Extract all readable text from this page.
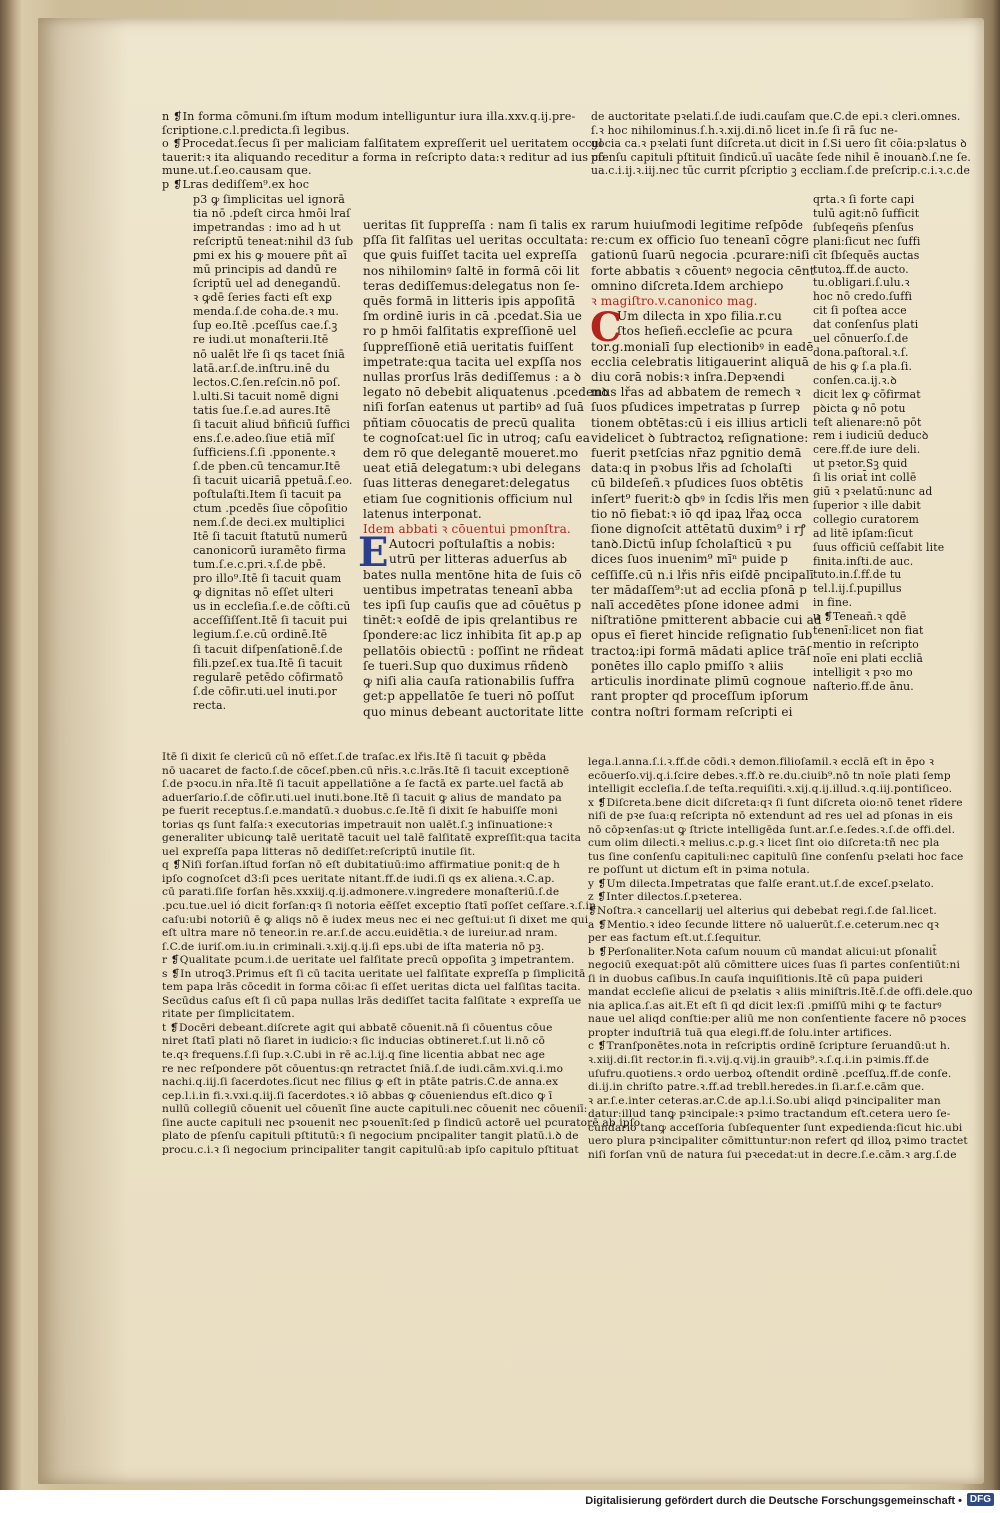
n ❡In forma cōmuni.ſm iſtum modum intelliguntur iura illa.xxv.q.ij.pre-
ſcriptione.c.l.predicta.ſi legibus.
o ❡Procedat.ſecus ſi per maliciam falſitatem expreſſerit uel ueritatem occul
tauerit:ꝛ ita aliquando receditur a forma in reſcripto data:ꝛ reditur ad ius cō
mune.ut.ſ.eo.causam que.
p ❡Lras dediſſem⁹.ex hoc
p3 ꝙ ſimplicitas uel ignorā
tia nō .pdeſt circa hmōi lraſ
impetrandas : imo ad h ut
reſcriptū teneat:nihil d3 ſub
ꝑmi ex his ꝙ mouere pñt aī
mū principis ad dandū re
ſcriptū uel ad denegandū.
ꝛ ꝙdē ſeries facti eſt exꝑ
menda.ſ.de coha.de.ꝛ mu.
ſup eo.Itē .pceſſus cae.ſ.ꝫ
re iudi.ut monaſterii.Itē
nō ualēt lře ſi qs tacet ſniā
latā.ar.ſ.de.inſtru.inē du
lectos.C.ſen.reſcin.nō poſ.
l.ulti.Si tacuit nomē digni
tatis ſue.ſ.e.ad aures.Itē
ſi tacuit aliud bñficiū ſuffici
ens.ſ.e.adeo.ſiue etiā mīſ
ſufficiens.ſ.ſi .pponente.ꝛ
ſ.de pben.cū tencamur.Itē
ſi tacuit uicariā ppetuā.ſ.eo.
poſtulaſti.Item ſi tacuit pa
ctum .pcedēs ſiue cōpoſitio
nem.ſ.de deci.ex multiplici
Itē ſi tacuit ſtatutū numerū
canonicorū iuramēto firma
tum.ſ.e.c.pri.ꝛ.ſ.de pbē.
pro illo⁹.Itē ſi tacuit quam
ꝙ dignitas nō eſſet ulteri
us in eccleſia.ſ.e.de cōſti.cū
acceſſiſſent.Itē ſi tacuit pui
legium.ſ.e.cū ordinē.Itē
ſi tacuit diſpenſationē.ſ.de
fili.pzeſ.ex tua.Itē ſi tacuit
regularē petēdo cōfirmatō
ſ.de cōfir.uti.uel inuti.por
recta.
ueritas ſit ſuppreſſa : nam ſi talis ex
pſſa ſit falſitas uel ueritas occultata:
que ꝙuis fuiſſet tacita uel expreſſa
nos nihilominꝰ ſaltē in formā cōi lit
teras dediſſemus:delegatus non ſe-
quēs formā in litteris ipis appoſitā
ſm ordinē iuris in cā .pcedat.Sia ue
ro p hmōi falſitatis expreſſionē uel
ſuppreſſionē etiā ueritatis fuiſſent
impetrate:qua tacita uel expſſa nos
nullas prorſus lrās dediſſemus : a ꝺ
legato nō debebit aliquatenus .pcedenꝺ
niſi forſan eatenus ut partibꝰ ad ſuā
pñtiam cōuocatis de precū qualita
te cognoſcat:uel ſic in utroq; caſu ea
dem rō que delegantē moueret.mo
ueat etiā delegatum:ꝛ ubi delegans
ſuas litteras denegaret:delegatus
etiam ſue cognitionis officium nul
latenus interponat.
Idem abbati ꝛ cōuentui pmonſtra.
Autocri poſtulaſtis a nobis:
utrū per litteras aduerſus ab
bates nulla mentōne hita de ſuis cō
uentibus impetratas teneanī abba
tes ipſi ſup cauſis que ad cōuētus p
tinēt:ꝛ eoſdē de ipis qrelantibus re
ſpondere:ac licz inhibita ſit ap.p ap
pellatōis obiectū : poſſint ne rñdeat
ſe tueri.Sup quo duximus rñdenꝺ
ꝙ niſi alia cauſa rationabilis ſuffra
get:p appellatōe ſe tueri nō poſſut
quo minus debeant auctoritate litte
E
de auctoritate pꝛelati.ſ.de iudi.cauſam que.C.de epi.ꝛ cleri.omnes.
ſ.ꝛ hoc nihilominus.ſ.h.ꝛ.xij.di.nō licet in.ſe ſi rā ſuc ne-
gocia ca.ꝛ pꝛelati ſunt diſcreta.ut dicit in ſ.Si uero ſit cōia:pꝛlatus ꝺ
pſenſu capituli pſtituit ſindicū.uī uacāte ſede nihil ē inouanꝺ.ſ.ne ſe.
ua.c.i.ij.ꝛ.iij.nec tūc currit pſcriptio ꝫ eccliam.ſ.de preſcrip.c.i.ꝛ.c.de
rarum huiuſmodi legitime reſpōde
re:cum ex officio ſuo teneanī cōgre
gationū ſuarū negocia .pcurare:niſi
forte abbatis ꝛ cōuentꝰ negocia cēnt
omnino diſcreta.Idem archiepo
ꝛ magiſtro.v.canonico mag.
Um dilecta in xpo filia.r.cu
ſtos heſieñ.eccleſie ac pcura
tor.g.monialī ſup electionibꝰ in eadē
ecclia celebratis litigauerint aliquā
diu corā nobis:ꝛ inſra.Depꝛendi
mus lřas ad abbatem de remech ꝛ
ſuos pſudices impetratas p ſurrep
tionem obtētas:cū i eis illius articli
videlicet ꝺ ſubtractoꝝ reſignatione:
fuerit pꝛetſcias nr̄az pgnitio demā
data:q in pꝛobus lřis ad ſcholaſti
cū bildeſeñ.ꝛ pſudices ſuos obtētis
inſert⁹ fuerit:ꝺ qbꝰ in ſcdis lřis men
tio nō fiebat:ꝛ iō qd ipaꝝ lřaꝝ occa
ſione dignoſcit attētatū duxim⁹ i rꝭ
tanꝺ.Dictū inſup ſcholaſticū ꝛ pu
dices ſuos inuenim⁹ mīⁿ puide p
ceſſiſſe.cū n.i lřis nr̄is eiſdē pncipalī
ter mādaſſem⁹:ut ad ecclia pſonā p
nalī accedētes pſone idonee admi
niſtratiōne pmitterent abbacie cui ad
opus eī fieret hincide reſignatio ſub
tractoꝝ:ipi formā mādati aplice trāſ
ponētes illo caplo pmiſſo ꝛ aliis
articulis inordinate plimū cognoue
rant propter qd proceſſum ipſorum
contra noſtri formam reſcripti ei
C
qrta.ꝛ ſi forte capi
tulū agit:nō ſufficit
ſubſeqeñs pſenſus
plani:ſicut nec ſuffi
cīt ſbſequēs auctas
tutoꝝ.ff.de aucto.
tu.obligari.ſ.ulu.ꝛ
hoc nō credo.ſuffi
cit ſi poſtea acce
dat conſenſus plati
uel cōnuerſo.ſ.de
dona.paſtoral.ꝛ.ſ.
de his ꝙ ſ.a pla.ſi.
conſen.ca.ij.ꝛ.ꝺ
dicit lex ꝙ cōfirmat
pꝺicta ꝙ nō potu
teſt alienare:nō pōt
rem i iudiciū deducꝺ
cere.ff.de iure deli.
ut pꝛetor.Sꝫ quid
ſi lis oriat̄ int collē
giū ꝛ pꝛelatū:nunc ad
ſuperior ꝛ ille dabit
collegio curatorem
ad litē ipſam:ſicut
ſuus officiū ceſſabit lite
finita.inſti.de auc.
tuto.in.ſ.ff.de tu
tel.l.ij.ſ.pupillus
in fine.
u ❡Tenean̄.ꝛ qdē
tenenī:licet non fiat
mentio in reſcripto
noīe eni plati eccliā
intelligit ꝛ pꝛo mo
naſterio.ff.de ānu.
Itē ſi dixit ſe clericū cū nō eſſet.ſ.de traſac.ex lřis.Itē ſi tacuit ꝙ pbēda
nō uacaret de facto.ſ.de cōceſ.pben.cū nr̄is.ꝛ.c.lrās.Itē ſi tacuit exceptionē
ſ.de pꝛocu.in nr̄a.Itē ſi tacuit appellatiōne a ſe factā ex parte.uel factā ab
aduerſario.ſ.de cōfir.uti.uel inuti.bone.Itē ſi tacuit ꝙ alius de mandato pa
pe fuerit receptus.ſ.e.mandatū.ꝛ duobus.c.ſe.Itē ſi dixit ſe habuiſſe moni
torias qs ſunt falſa:ꝛ executorias impetrauit non ualēt.ſ.ꝫ inſinuatione:ꝛ
generaliter ubicunꝙ talē ueritatē tacuit uel talē falſitatē expreſſit:qua tacita
uel expreſſa papa litteras nō dediſſet:reſcriptū inutile ſit.
q ❡Niſi forſan.iſtud forſan nō eſt dubitatiuū:imo affirmatiue ponit:q de h
ipſo cognoſcet d3:ſi pces ueritate nitant.ff.de iudi.ſi qs ex aliena.ꝛ.C.ap.
cū parati.ſiſe forſan hēs.xxxiij.q.ij.admonere.v.ingredere monaſteriū.ſ.de
.pcu.tue.uel ió dicit forſan:qꝛ ſi notoria eēſſet exceptio ſtatī poſſet ceſſare.ꝛ.ſ.in
caſu:ubi notoriū ē ꝙ aliqs nō ē iudex meus nec ei nec geſtui:ut ſi dixet me qui
eſt ultra mare nō teneor.in re.ar.ſ.de accu.euidētia.ꝛ de iureiur.ad nram.
ſ.C.de iuriſ.om.iu.in criminali.ꝛ.xij.q.ij.ſi eps.ubi de iſta materia nō pꝫ.
r ❡Qualitate pcum.i.de ueritate uel falſitate precū oppoſita ꝫ impetrantem.
s ❡In utroq3.Primus eſt ſi cū tacita ueritate uel falſitate expreſſa p ſimplicitā
tem papa lrās cōcedit in forma cōi:ac ſi eſſet ueritas dicta uel falſitas tacita.
Secūdus caſus eſt ſi cū papa nullas lrās dediſſet tacita falſitate ꝛ expreſſa ue
ritate per ſimplicitatem.
t ❡Docēri debeant.diſcrete agit qui abbatē cōuenit.nā ſi cōuentus cōue
niret ſtatī plati nō ſiaret in iudicio:ꝛ ſic inducias obtineret.ſ.ut li.nō cō
te.qꝛ frequens.ſ.ſi ſup.ꝛ.C.ubi in rē ac.l.ij.q ſine licentia abbat nec age
re nec reſpondere pōt cōuentus:qn retractet ſniā.ſ.de iudi.cām.xvi.q.i.mo
nachi.q.iij.ſi ſacerdotes.ſicut nec filius ꝙ eſt in ptāte patris.C.de anna.ex
cep.l.i.in fi.ꝛ.vxi.q.iij.ſi ſacerdotes.ꝛ iō abbas ꝙ cōueniendus eſt.dico ꝙ ī
nullū collegiū cōuenit uel cōuenīt ſine aucte capituli.nec cōuenit nec cōueniī:
ſine aucte capituli nec pꝛouenit nec pꝛouenīt:ſed p ſindicū actorē uel pcuratorē ab ipſo
plato de pſenſu capituli pſtitutū:ꝛ ſi negocium pncipaliter tangit platū.i.ꝺ de
procu.c.i.ꝛ ſi negocium principaliter tangit capitulū:ab ipſo capitulo pſtituat
lega.l.anna.ſ.i.ꝛ.ff.de cōdi.ꝛ demon.filioſamil.ꝛ ecclā eſt in ēpo ꝛ
ecōuerſo.vij.q.i.ſcire debes.ꝛ.ff.ꝺ re.du.ciuib⁹.nō tn noīe plati ſemp
intelligit eccleſia.ſ.de teſta.requiſiti.ꝛ.xij.q.ij.illud.ꝛ.q.iij.pontiſiceo.
x ❡Diſcreta.bene dicit diſcreta:qꝛ ſi ſunt diſcreta oio:nō tenet rīdere
niſi de pꝛe ſua:q reſcripta nō extendunt ad res uel ad pſonas in eis
nō cōpꝛenſas:ut ꝙ ſtricte intelligēda ſunt.ar.ſ.e.ſedes.ꝛ.ſ.de offi.del.
cum olim dilecti.ꝛ melius.c.p.g.ꝛ licet ſint oio diſcreta:tñ nec pla
tus ſine conſenſu capituli:nec capitulū ſine conſenſu pꝛelati hoc face
re poſſunt ut dictum eſt in pꝛima notula.
y ❡Um dilecta.Impetratas que falſe erant.ut.ſ.de exceſ.pꝛelato.
z ❡Inter dilectos.ſ.pꝛeterea.
❡Noſtra.ꝛ cancellarij uel alterius qui debebat regi.ſ.de ſal.licet.
a ❡Mentio.ꝛ ideo ſecunde littere nō ualuerūt.ſ.e.ceterum.nec qꝛ
per eas factum eſt.ut.ſ.ſequitur.
b ❡Perſonaliter.Nota caſum nouum cū mandat alicui:ut pſonalit̄
negociū exequat:pōt alū cōmittere uices ſuas ſi partes conſentiūt:ni
ſi in duobus caſibus.In cauſa inquiſitionis.Itē cū papa puideri
mandat eccleſie alicui de pꝛelatis ꝛ aliis miniſtris.Itē.ſ.de offi.dele.quo
nia aplica.ſ.as ait.Et eſt ſi qd dicit lex:ſi .pmiſſū mihi ꝙ te facturꝰ
naue uel aliqd conſtie:per aliū me non conſentiente facere nō pꝛoces
propter induſtriā tuā qua elegi.ff.de ſolu.inter artifices.
c ❡Tranſponētes.nota in reſcriptis ordinē ſcripture ſeruandū:ut h.
ꝛ.xiij.di.ſit rector.in fi.ꝛ.vij.q.vij.in grauib⁹.ꝛ.ſ.q.i.in pꝛimis.ff.de
uſufru.quotiens.ꝛ ordo uerboꝝ oſtendit ordinē .pceſſuꝝ.ff.de conſe.
di.ij.in chriſto patre.ꝛ.ff.ad trebll.heredes.in ſi.ar.ſ.e.cām que.
ꝛ ar.ſ.e.inter ceteras.ar.C.de ap.l.i.So.ubi aliqd pꝛincipaliter man
datur:illud tanꝙ pꝛincipale:ꝛ pꝛimo tractandum eſt.cetera uero ſe-
cundario tanꝙ acceſſoria ſubſequenter ſunt expedienda:ſicut hic.ubi
uero plura pꝛincipaliter cōmittuntur:non refert qd illoꝝ pꝛimo tractet
niſi forſan vnū de natura ſui pꝛecedat:ut in decre.ſ.e.cām.ꝛ arg.ſ.de
Digitalisierung gefördert durch die Deutsche Forschungsgemeinschaft • DFG
